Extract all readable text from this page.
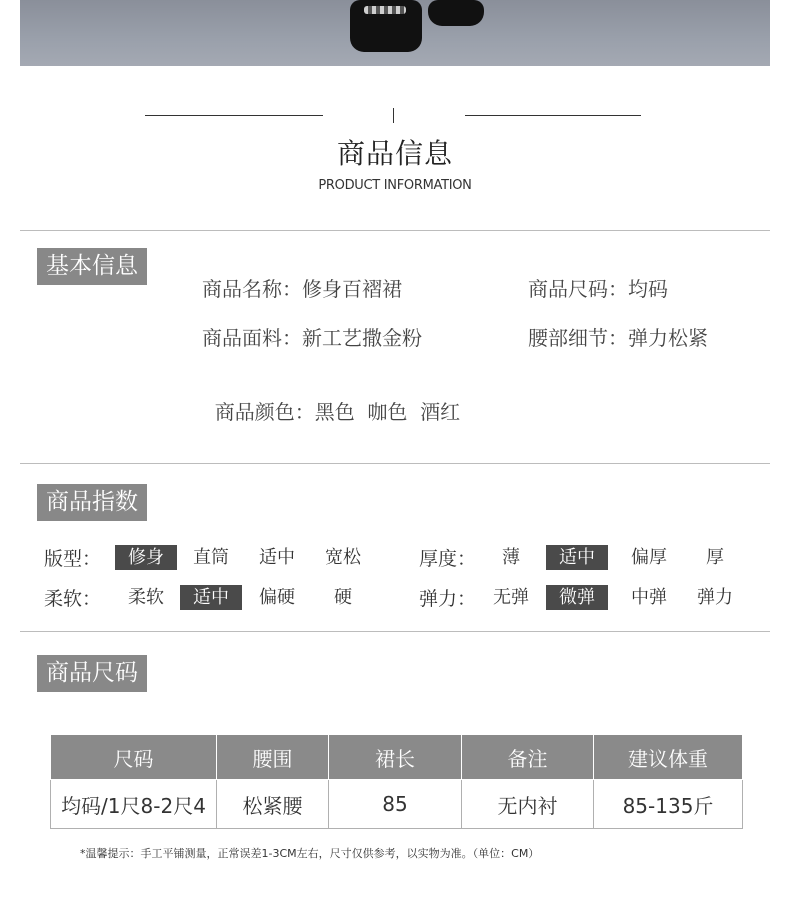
商品信息
PRODUCT INFORMATION
基本信息
商品名称：修身百褶裙	商品尺码：均码
商品面料：新工艺撒金粉	腰部细节：弹力松紧

商品颜色：黑色  咖色  酒红

商品指数
版型：	修身	直筒	适中	宽松	厚度：	薄	适中	偏厚	厚
柔软：	柔软	适中	偏硬	硬	弹力： 无弹	微弹	中弹	弹力
商品尺码
尺码	腰围	裙长	备注	建议体重
均码/1尺8-2尺4	松紧腰	85	无内衬	85-135斤
*温馨提示：手工平铺测量，正常误差1-3CM左右，尺寸仅供参考，以实物为准。（单位：CM）
